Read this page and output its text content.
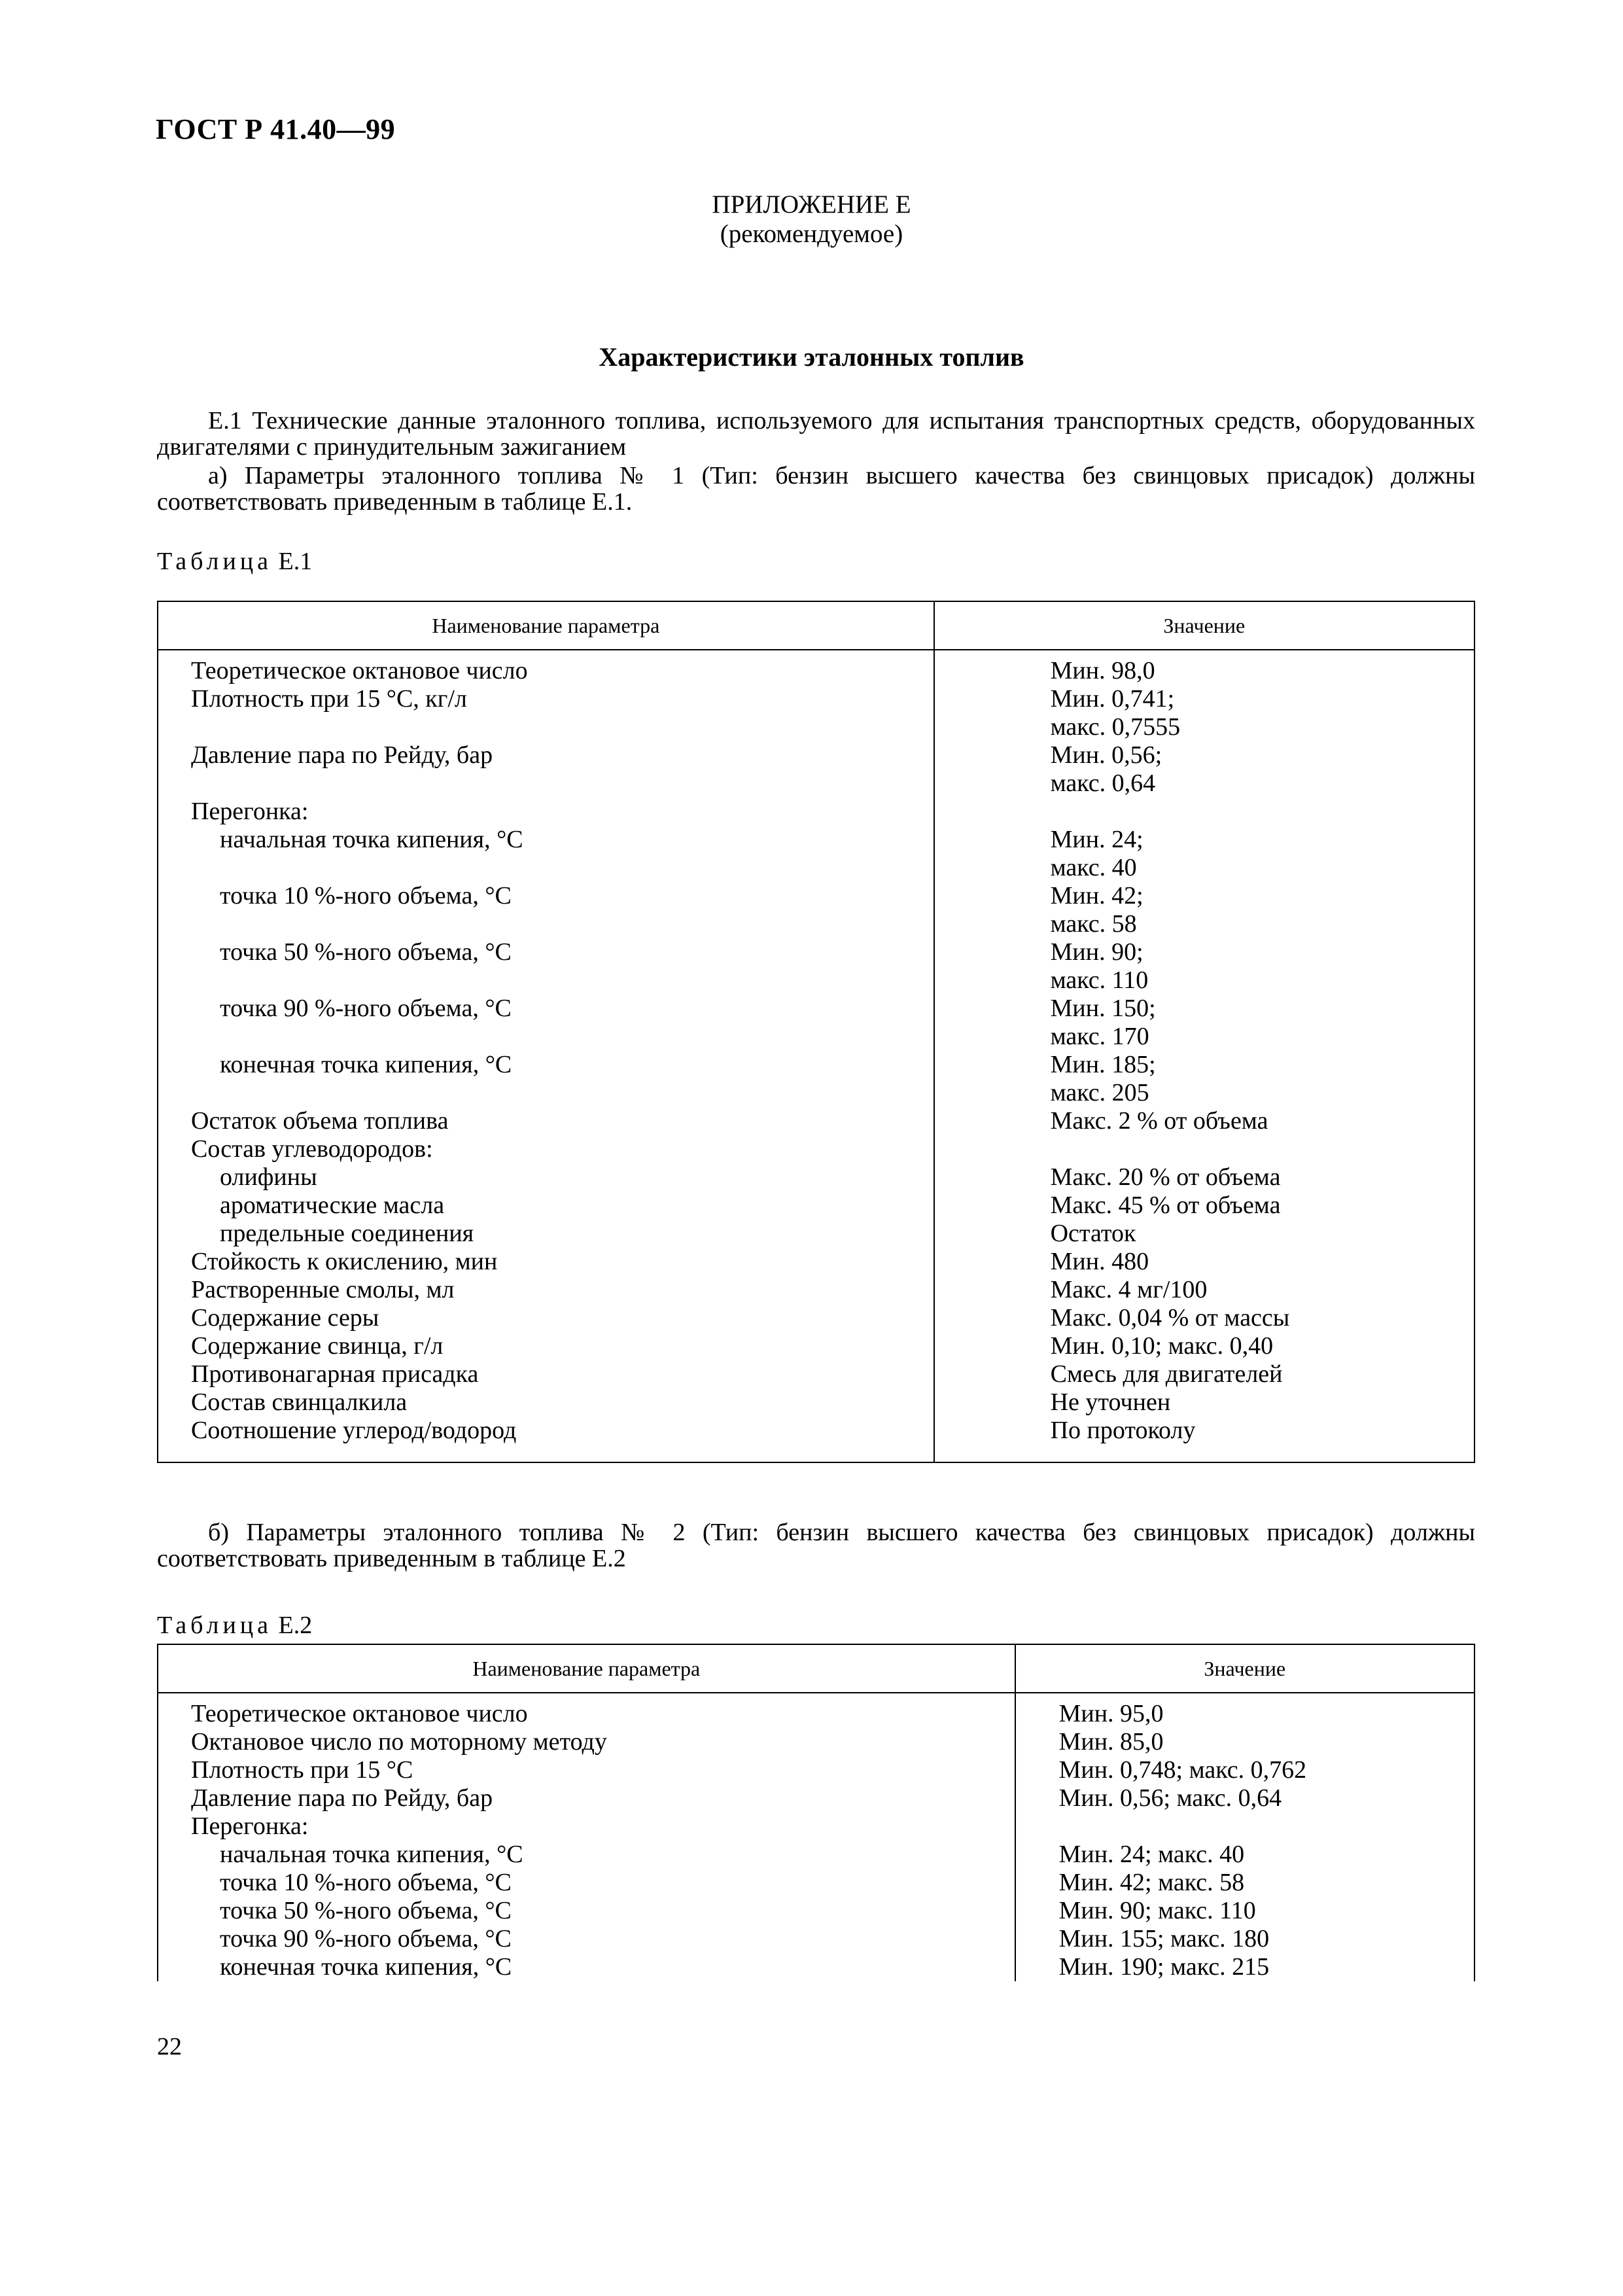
ГОСТ Р 41.40—99
ПРИЛОЖЕНИЕ Е
(рекомендуемое)
Характеристики эталонных топлив
Е.1 Технические данные эталонного топлива, используемого для испытания транспортных средств, оборудованных двигателями с принудительным зажиганием
а) Параметры эталонного топлива № 1 (Тип: бензин высшего качества без свинцовых присадок) должны соответствовать приведенным в таблице Е.1.
Таблица Е.1
Наименование параметра	Значение
Теоретическое октановое число	Мин. 98,0
Плотность при 15 °С, кг/л	Мин. 0,741;
	макс. 0,7555
Давление пара по Рейду, бар	Мин. 0,56;
	макс. 0,64
Перегонка:	
начальная точка кипения, °С	Мин. 24;
	макс. 40
точка 10 %-ного объема, °С	Мин. 42;
	макс. 58
точка 50 %-ного объема, °С	Мин. 90;
	макс. 110
точка 90 %-ного объема, °С	Мин. 150;
	макс. 170
конечная точка кипения, °С	Мин. 185;
	макс. 205
Остаток объема топлива	Макс. 2 % от объема
Состав углеводородов:	
олифины	Макс. 20 % от объема
ароматические масла	Макс. 45 % от объема
предельные соединения	Остаток
Стойкость к окислению, мин	Мин. 480
Растворенные смолы, мл	Макс. 4 мг/100
Содержание серы	Макс. 0,04 % от массы
Содержание свинца, г/л	Мин. 0,10; макс. 0,40
Противонагарная присадка	Смесь для двигателей
Состав свинцалкила	Не уточнен
Соотношение углерод/водород	По протоколу
б) Параметры эталонного топлива № 2 (Тип: бензин высшего качества без свинцовых присадок) должны соответствовать приведенным в таблице Е.2
Таблица Е.2
Наименование параметра	Значение
Теоретическое октановое число	Мин. 95,0
Октановое число по моторному методу	Мин. 85,0
Плотность при 15 °С	Мин. 0,748; макс. 0,762
Давление пара по Рейду, бар	Мин. 0,56; макс. 0,64
Перегонка:	
начальная точка кипения, °С	Мин. 24; макс. 40
точка 10 %-ного объема, °С	Мин. 42; макс. 58
точка 50 %-ного объема, °С	Мин. 90; макс. 110
точка 90 %-ного объема, °С	Мин. 155; макс. 180
конечная точка кипения, °С	Мин. 190; макс. 215
22
